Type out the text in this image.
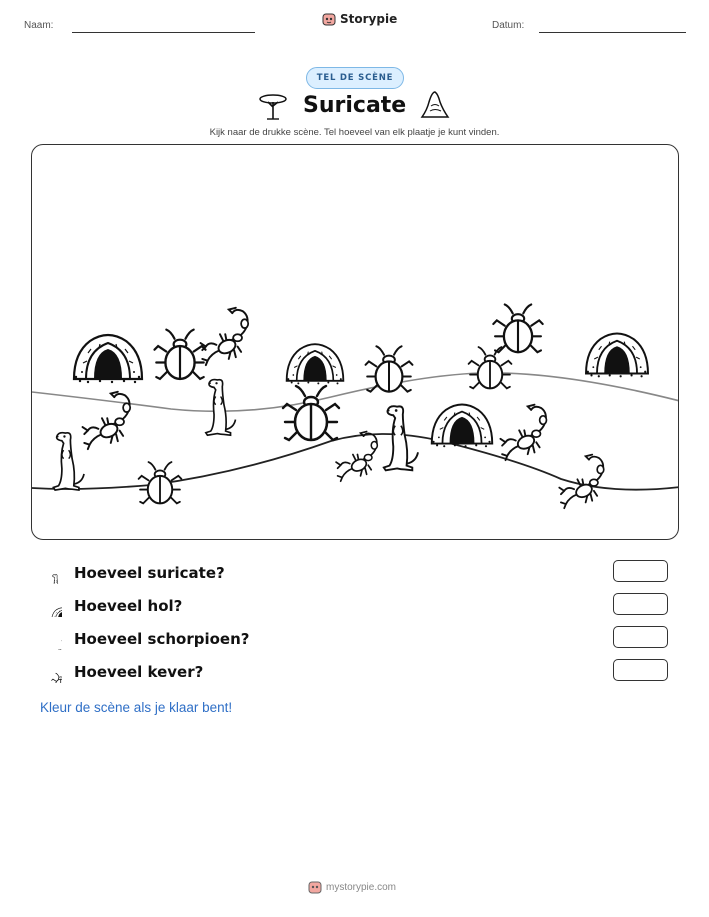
Naam:	Storypie	Datum:
TEL DE SCÈNE
Suricate
Kijk naar de drukke scène. Tel hoeveel van elk plaatje je kunt vinden.
Hoeveel suricate?
Hoeveel hol?
Hoeveel schorpioen?
Hoeveel kever?
Kleur de scène als je klaar bent!
mystorypie.com
